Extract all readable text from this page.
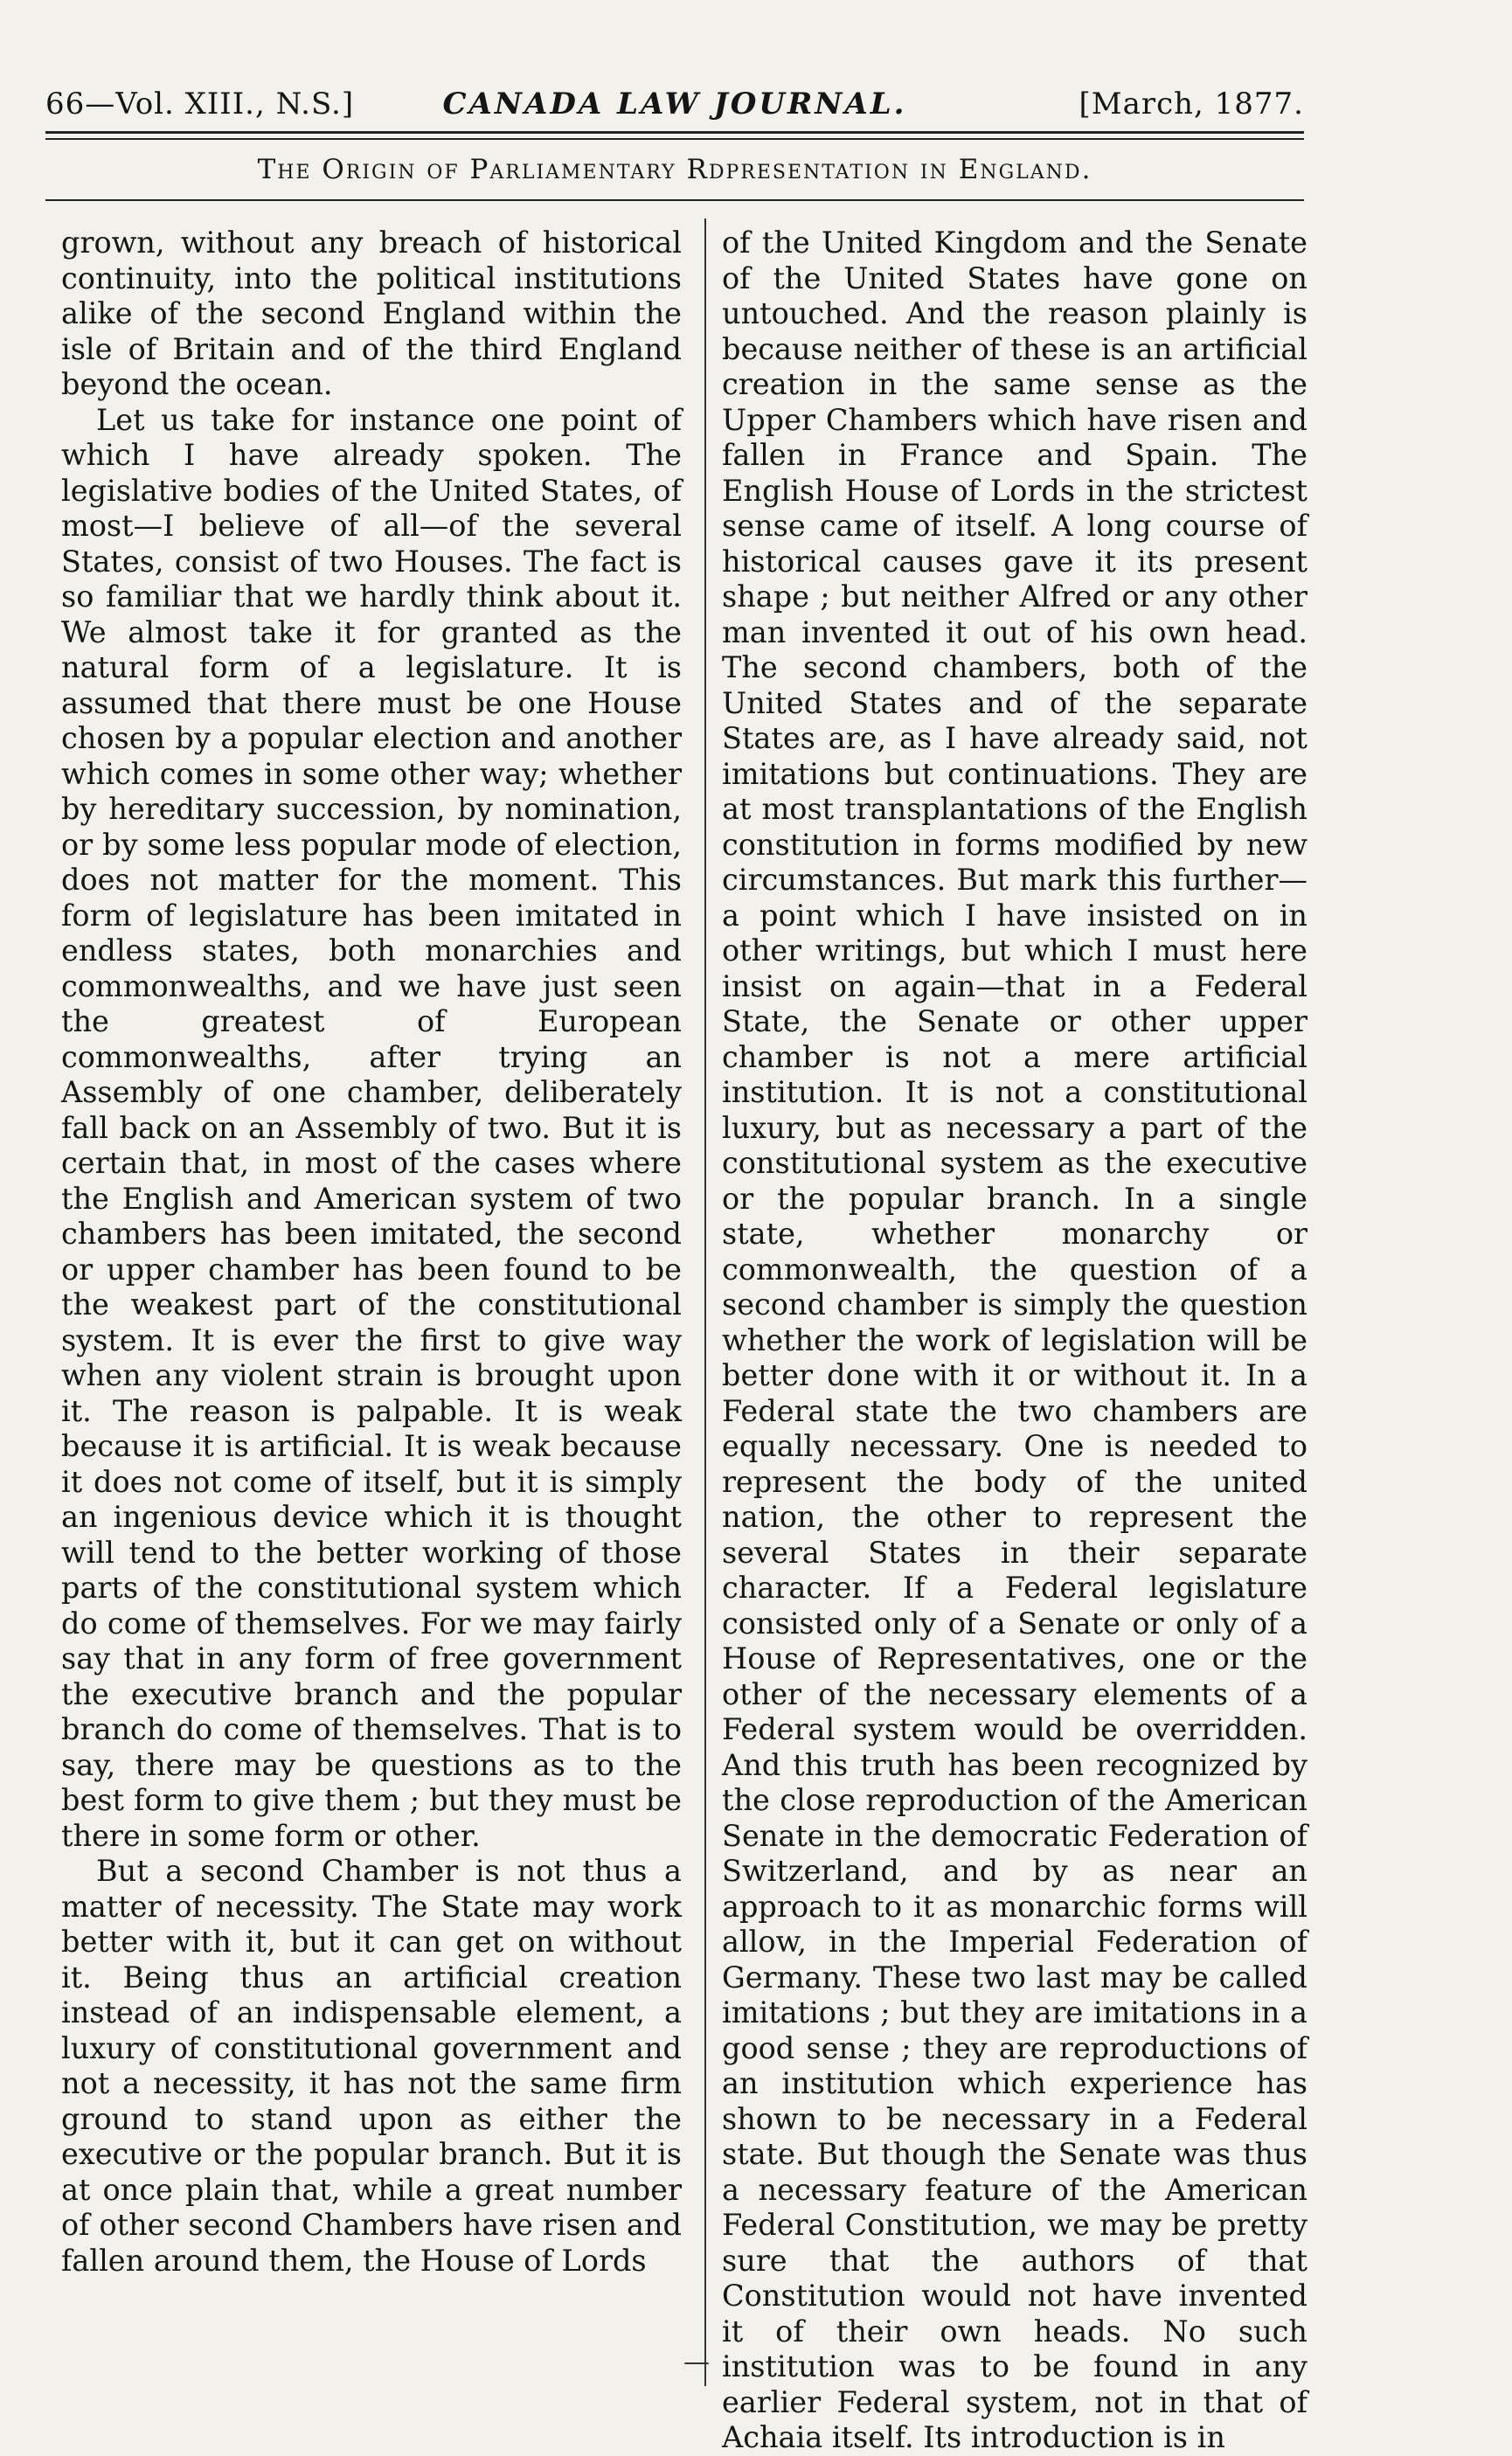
66—Vol. XIII., N.S.]	CANADA LAW JOURNAL.	[March, 1877.
The Origin of Parliamentary Rdpresentation in England.

grown, without any breach of historical continuity, into the political institutions alike of the second England within the isle of Britain and of the third England beyond the ocean.

Let us take for instance one point of which I have already spoken. The legislative bodies of the United States, of most—I believe of all—of the several States, consist of two Houses. The fact is so familiar that we hardly think about it. We almost take it for granted as the natural form of a legislature. It is assumed that there must be one House chosen by a popular election and another which comes in some other way; whether by hereditary succession, by nomination, or by some less popular mode of election, does not matter for the moment. This form of legislature has been imitated in endless states, both monarchies and commonwealths, and we have just seen the greatest of European commonwealths, after trying an Assembly of one chamber, deliberately fall back on an Assembly of two. But it is certain that, in most of the cases where the English and American system of two chambers has been imitated, the second or upper chamber has been found to be the weakest part of the constitutional system. It is ever the first to give way when any violent strain is brought upon it. The reason is palpable. It is weak because it is artificial. It is weak because it does not come of itself, but it is simply an ingenious device which it is thought will tend to the better working of those parts of the constitutional system which do come of themselves. For we may fairly say that in any form of free government the executive branch and the popular branch do come of themselves. That is to say, there may be questions as to the best form to give them ; but they must be there in some form or other.

But a second Chamber is not thus a matter of necessity. The State may work better with it, but it can get on without it. Being thus an artificial creation instead of an indispensable element, a luxury of constitutional government and not a necessity, it has not the same firm ground to stand upon as either the executive or the popular branch. But it is at once plain that, while a great number of other second Chambers have risen and fallen around them, the House of Lords

of the United Kingdom and the Senate of the United States have gone on untouched. And the reason plainly is because neither of these is an artificial creation in the same sense as the Upper Chambers which have risen and fallen in France and Spain. The English House of Lords in the strictest sense came of itself. A long course of historical causes gave it its present shape ; but neither Alfred or any other man invented it out of his own head. The second chambers, both of the United States and of the separate States are, as I have already said, not imitations but continuations. They are at most transplantations of the English constitution in forms modified by new circumstances. But mark this further—a point which I have insisted on in other writings, but which I must here insist on again—that in a Federal State, the Senate or other upper chamber is not a mere artificial institution. It is not a constitutional luxury, but as necessary a part of the constitutional system as the executive or the popular branch. In a single state, whether monarchy or commonwealth, the question of a second chamber is simply the question whether the work of legislation will be better done with it or without it. In a Federal state the two chambers are equally necessary. One is needed to represent the body of the united nation, the other to represent the several States in their separate character. If a Federal legislature consisted only of a Senate or only of a House of Representatives, one or the other of the necessary elements of a Federal system would be overridden. And this truth has been recognized by the close reproduction of the American Senate in the democratic Federation of Switzerland, and by as near an approach to it as monarchic forms will allow, in the Imperial Federation of Germany. These two last may be called imitations ; but they are imitations in a good sense ; they are reproductions of an institution which experience has shown to be necessary in a Federal state. But though the Senate was thus a necessary feature of the American Federal Constitution, we may be pretty sure that the authors of that Constitution would not have invented it of their own heads. No such institution was to be found in any earlier Federal system, not in that of Achaia itself. Its introduction is in

—
